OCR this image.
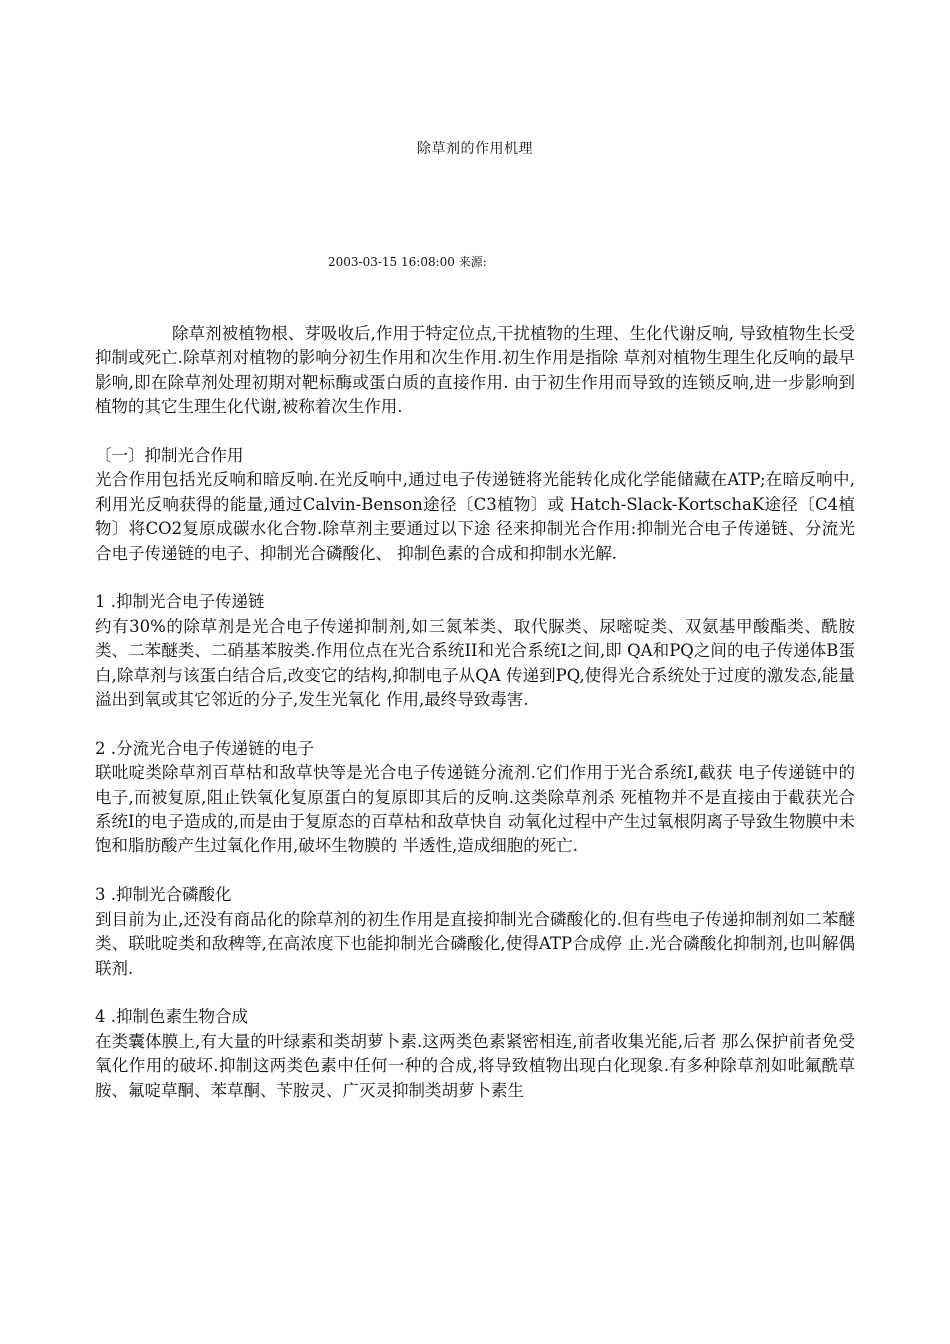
除草剂的作用机理
2003-03-15 16:08:00 来源:

除草剂被植物根、芽吸收后,作用于特定位点,干扰植物的生理、生化代谢反响, 导致植物生长受抑制或死亡.除草剂对植物的影响分初生作用和次生作用.初生作用是指除 草剂对植物生理生化反响的最早影响,即在除草剂处理初期对靶标酶或蛋白质的直接作用. 由于初生作用而导致的连锁反响,进一步影响到植物的其它生理生化代谢,被称着次生作用.

〔一〕抑制光合作用

光合作用包括光反响和暗反响.在光反响中,通过电子传递链将光能转化成化学能储藏在ATP;在暗反响中,利用光反响获得的能量,通过Calvin-Benson途径〔C3植物〕或 Hatch-Slack-KortschaK途径〔C4植物〕将CO2复原成碳水化合物.除草剂主要通过以下途 径来抑制光合作用:抑制光合电子传递链、分流光合电子传递链的电子、抑制光合磷酸化、 抑制色素的合成和抑制水光解.

1 .抑制光合电子传递链

约有30%的除草剂是光合电子传递抑制剂,如三氮苯类、取代脲类、尿嘧啶类、双氨基甲酸酯类、酰胺类、二苯醚类、二硝基苯胺类.作用位点在光合系统II和光合系统I之间,即 QA和PQ之间的电子传递体B蛋白,除草剂与该蛋白结合后,改变它的结构,抑制电子从QA 传递到PQ,使得光合系统处于过度的激发态,能量溢出到氧或其它邻近的分子,发生光氧化 作用,最终导致毒害.

2 .分流光合电子传递链的电子

联吡啶类除草剂百草枯和敌草快等是光合电子传递链分流剂.它们作用于光合系统I,截获 电子传递链中的电子,而被复原,阻止铁氧化复原蛋白的复原即其后的反响.这类除草剂杀 死植物并不是直接由于截获光合系统I的电子造成的,而是由于复原态的百草枯和敌草快自 动氧化过程中产生过氧根阴离子导致生物膜中未饱和脂肪酸产生过氧化作用,破坏生物膜的 半透性,造成细胞的死亡.

3 .抑制光合磷酸化

到目前为止,还没有商品化的除草剂的初生作用是直接抑制光合磷酸化的.但有些电子传递抑制剂如二苯醚类、联吡啶类和敌稗等,在高浓度下也能抑制光合磷酸化,使得ATP合成停 止.光合磷酸化抑制剂,也叫解偶联剂.

4 .抑制色素生物合成

在类囊体膜上,有大量的叶绿素和类胡萝卜素.这两类色素紧密相连,前者收集光能,后者 那么保护前者免受氧化作用的破坏.抑制这两类色素中任何一种的合成,将导致植物出现白化现象.有多种除草剂如吡氟酰草胺、氟啶草酮、苯草酮、苄胺灵、广灭灵抑制类胡萝卜素生
